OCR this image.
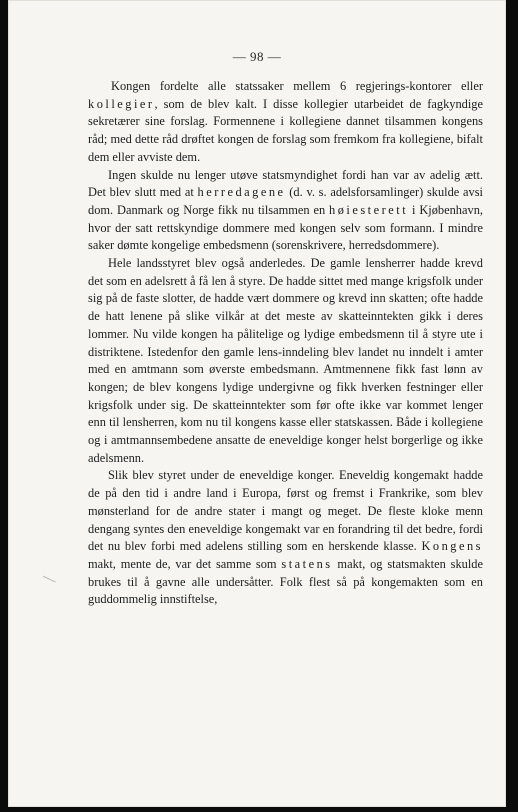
— 98 —

Kongen fordelte alle statssaker mellem 6 regjerings-kontorer eller kollegier, som de blev kalt. I disse kollegier utarbeidet de fagkyndige sekretærer sine forslag. Formennene i kollegiene dannet tilsammen kongens råd; med dette råd drøftet kongen de forslag som fremkom fra kollegiene, bifalt dem eller avviste dem.

Ingen skulde nu lenger utøve statsmyndighet fordi han var av adelig ætt. Det blev slutt med at herredagene (d. v. s. adelsforsamlinger) skulde avsi dom. Danmark og Norge fikk nu tilsammen en høiesterett i Kjøbenhavn, hvor der satt rettskyndige dommere med kongen selv som formann. I mindre saker dømte kongelige embedsmenn (sorenskrivere, herredsdommere).

Hele landsstyret blev også anderledes. De gamle lensherrer hadde krevd det som en adelsrett å få len å styre. De hadde sittet med mange krigsfolk under sig på de faste slotter, de hadde vært dommere og krevd inn skatten; ofte hadde de hatt lenene på slike vilkår at det meste av skatteinntekten gikk i deres lommer. Nu vilde kongen ha pålitelige og lydige embedsmenn til å styre ute i distriktene. Istedenfor den gamle lens-inndeling blev landet nu inndelt i amter med en amtmann som øverste embedsmann. Amtmennene fikk fast lønn av kongen; de blev kongens lydige undergivne og fikk hverken festninger eller krigsfolk under sig. De skatteinntekter som før ofte ikke var kommet lenger enn til lensherren, kom nu til kongens kasse eller statskassen. Både i kollegiene og i amtmannsembedene ansatte de eneveldige konger helst borgerlige og ikke adelsmenn.

Slik blev styret under de eneveldige konger. Eneveldig kongemakt hadde de på den tid i andre land i Europa, først og fremst i Frankrike, som blev mønsterland for de andre stater i mangt og meget. De fleste kloke menn dengang syntes den eneveldige kongemakt var en forandring til det bedre, fordi det nu blev forbi med adelens stilling som en herskende klasse. Kongens makt, mente de, var det samme som statens makt, og statsmakten skulde brukes til å gavne alle undersåtter. Folk flest så på kongemakten som en guddommelig innstiftelse,
